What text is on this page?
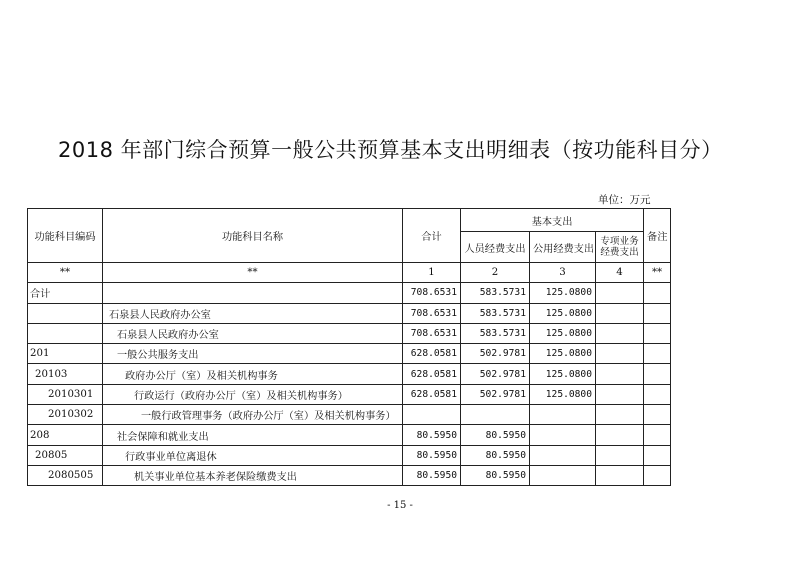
2018 年部门综合预算一般公共预算基本支出明细表（按功能科目分）
单位：万元
功能科目编码	功能科目名称	合计	基本支出			备注
			人员经费支出	公用经费支出	专项业务
经费支出	

**	**	1	2	3	4	**
合计		708.6531	583.5731	125.0800		
	石泉县人民政府办公室	708.6531	583.5731	125.0800		
	石泉县人民政府办公室	708.6531	583.5731	125.0800		
201	一般公共服务支出	628.0581	502.9781	125.0800		
20103	政府办公厅（室）及相关机构事务	628.0581	502.9781	125.0800		
2010301	行政运行（政府办公厅（室）及相关机构事务）	628.0581	502.9781	125.0800		
2010302	一般行政管理事务（政府办公厅（室）及相关机构事务）					
208	社会保障和就业支出	80.5950	80.5950			
20805	行政事业单位离退休	80.5950	80.5950			
2080505	机关事业单位基本养老保险缴费支出	80.5950	80.5950			
- 15 -
